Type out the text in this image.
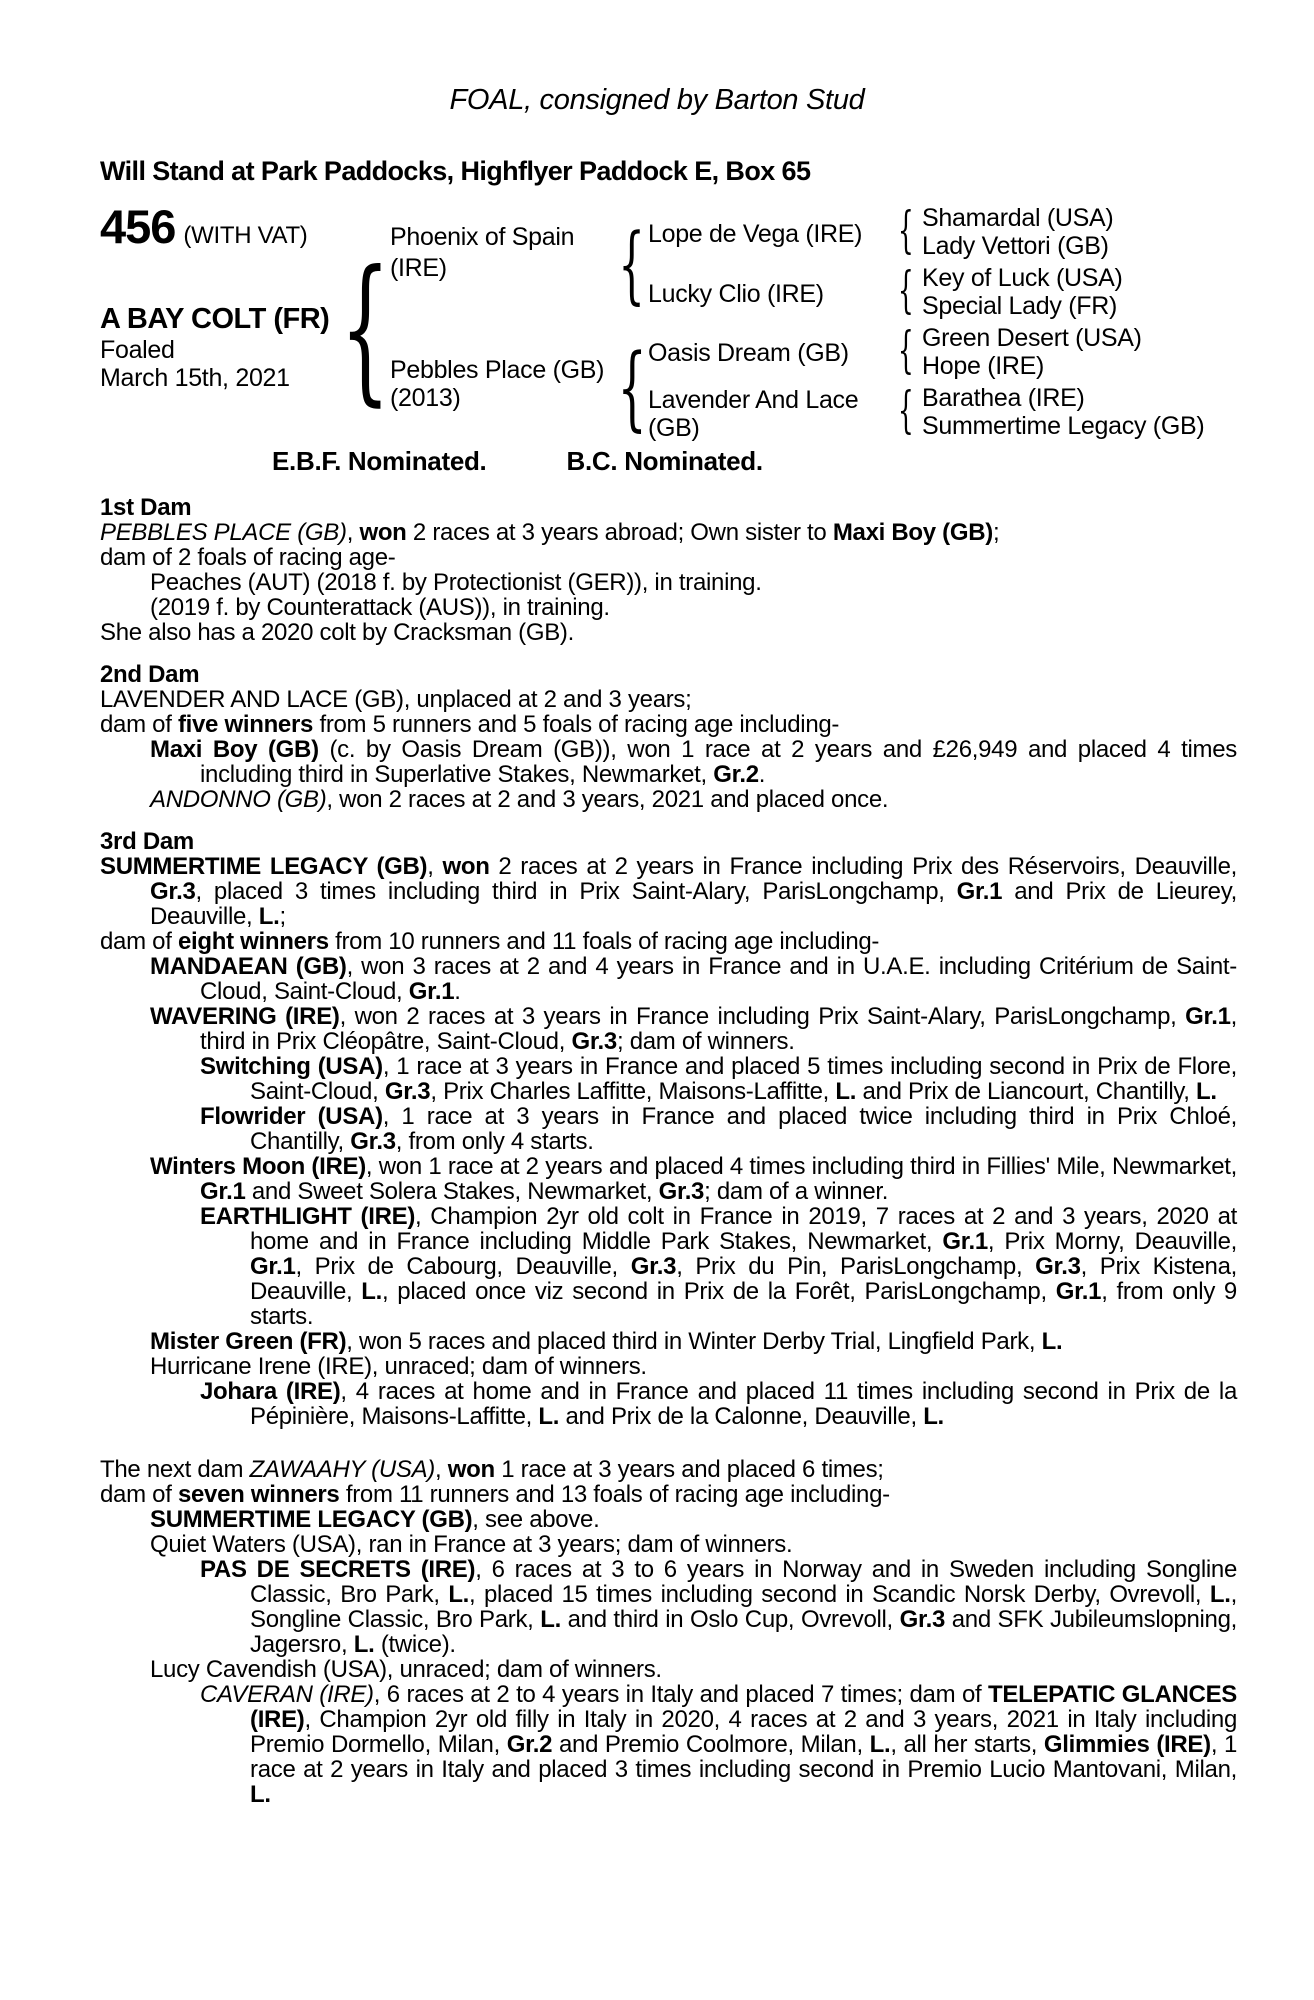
FOAL, consigned by Barton Stud
Will Stand at Park Paddocks, Highflyer Paddock E, Box 65
456 (WITH VAT)
A BAY COLT (FR)
Foaled
March 15th, 2021 { Phoenix of Spain
(IRE)
Pebbles Place (GB)
(2013)
{
{
Lope de Vega (IRE)
Lucky Clio (IRE)
Oasis Dream (GB)
Lavender And Lace
(GB)
{
{
{
{
Shamardal (USA)
Lady Vettori (GB)
Key of Luck (USA)
Special Lady (FR)
Green Desert (USA)
Hope (IRE)
Barathea (IRE)
Summertime Legacy (GB)
E.B.F. Nominated.	B.C. Nominated.
1st Dam

PEBBLES PLACE (GB), won 2 races at 3 years abroad; Own sister to Maxi Boy (GB);

dam of 2 foals of racing age-

Peaches (AUT) (2018 f. by Protectionist (GER)), in training.

(2019 f. by Counterattack (AUS)), in training.

She also has a 2020 colt by Cracksman (GB).

2nd Dam

LAVENDER AND LACE (GB), unplaced at 2 and 3 years;

dam of five winners from 5 runners and 5 foals of racing age including-

Maxi Boy (GB) (c. by Oasis Dream (GB)), won 1 race at 2 years and £26,949 and placed 4 times including third in Superlative Stakes, Newmarket, Gr.2.

ANDONNO (GB), won 2 races at 2 and 3 years, 2021 and placed once.

3rd Dam

SUMMERTIME LEGACY (GB), won 2 races at 2 years in France including Prix des Réservoirs, Deauville, Gr.3, placed 3 times including third in Prix Saint-Alary, ParisLongchamp, Gr.1 and Prix de Lieurey, Deauville, L.;

dam of eight winners from 10 runners and 11 foals of racing age including-

MANDAEAN (GB), won 3 races at 2 and 4 years in France and in U.A.E. including Critérium de Saint-Cloud, Saint-Cloud, Gr.1.

WAVERING (IRE), won 2 races at 3 years in France including Prix Saint-Alary, ParisLongchamp, Gr.1, third in Prix Cléopâtre, Saint-Cloud, Gr.3; dam of winners.

Switching (USA), 1 race at 3 years in France and placed 5 times including second in Prix de Flore, Saint-Cloud, Gr.3, Prix Charles Laffitte, Maisons-Laffitte, L. and Prix de Liancourt, Chantilly, L.

Flowrider (USA), 1 race at 3 years in France and placed twice including third in Prix Chloé, Chantilly, Gr.3, from only 4 starts.

Winters Moon (IRE), won 1 race at 2 years and placed 4 times including third in Fillies' Mile, Newmarket, Gr.1 and Sweet Solera Stakes, Newmarket, Gr.3; dam of a winner.

EARTHLIGHT (IRE), Champion 2yr old colt in France in 2019, 7 races at 2 and 3 years, 2020 at home and in France including Middle Park Stakes, Newmarket, Gr.1, Prix Morny, Deauville, Gr.1, Prix de Cabourg, Deauville, Gr.3, Prix du Pin, ParisLongchamp, Gr.3, Prix Kistena, Deauville, L., placed once viz second in Prix de la Forêt, ParisLongchamp, Gr.1, from only 9 starts.

Mister Green (FR), won 5 races and placed third in Winter Derby Trial, Lingfield Park, L.

Hurricane Irene (IRE), unraced; dam of winners.

Johara (IRE), 4 races at home and in France and placed 11 times including second in Prix de la Pépinière, Maisons-Laffitte, L. and Prix de la Calonne, Deauville, L.

The next dam ZAWAAHY (USA), won 1 race at 3 years and placed 6 times;

dam of seven winners from 11 runners and 13 foals of racing age including-

SUMMERTIME LEGACY (GB), see above.

Quiet Waters (USA), ran in France at 3 years; dam of winners.

PAS DE SECRETS (IRE), 6 races at 3 to 6 years in Norway and in Sweden including Songline Classic, Bro Park, L., placed 15 times including second in Scandic Norsk Derby, Ovrevoll, L., Songline Classic, Bro Park, L. and third in Oslo Cup, Ovrevoll, Gr.3 and SFK Jubileumslopning, Jagersro, L. (twice).

Lucy Cavendish (USA), unraced; dam of winners.

CAVERAN (IRE), 6 races at 2 to 4 years in Italy and placed 7 times; dam of TELEPATIC GLANCES (IRE), Champion 2yr old filly in Italy in 2020, 4 races at 2 and 3 years, 2021 in Italy including Premio Dormello, Milan, Gr.2 and Premio Coolmore, Milan, L., all her starts, Glimmies (IRE), 1 race at 2 years in Italy and placed 3 times including second in Premio Lucio Mantovani, Milan, L.
